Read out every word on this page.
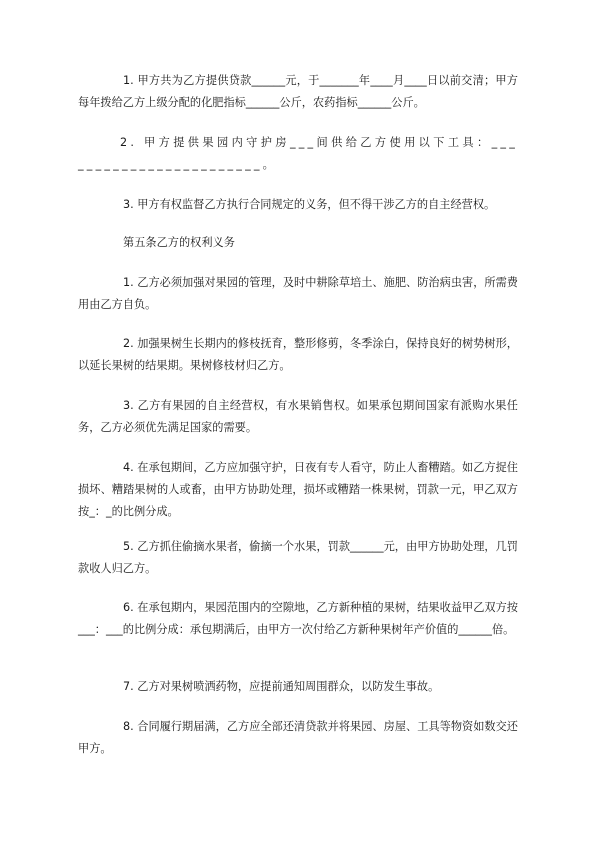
1. 甲方共为乙方提供贷款______元，于_______年____月____日以前交清；甲方每年拨给乙方上级分配的化肥指标______公斤，农药指标______公斤。

2. 甲方提供果园内守护房___间供给乙方使用以下工具：________________________。

3. 甲方有权监督乙方执行合同规定的义务，但不得干涉乙方的自主经营权。

第五条乙方的权利义务

1. 乙方必须加强对果园的管理，及时中耕除草培土、施肥、防治病虫害，所需费用由乙方自负。

2. 加强果树生长期内的修枝抚育，整形修剪，冬季涂白，保持良好的树势树形，以延长果树的结果期。果树修枝材归乙方。

3. 乙方有果园的自主经营权，有水果销售权。如果承包期间国家有派购水果任务，乙方必须优先满足国家的需要。

4. 在承包期间，乙方应加强守护，日夜有专人看守，防止人畜糟踏。如乙方捉住损坏、糟踏果树的人或畜，由甲方协助处理，损坏或糟踏一株果树，罚款一元，甲乙双方按_：_的比例分成。

5. 乙方抓住偷摘水果者，偷摘一个水果，罚款______元，由甲方协助处理，几罚款收人归乙方。

6. 在承包期内，果园范围内的空隙地，乙方新种植的果树，结果收益甲乙双方按___：___的比例分成：承包期满后，由甲方一次付给乙方新种果树年产价值的______倍。

7. 乙方对果树喷洒药物，应提前通知周围群众，以防发生事故。

8. 合同履行期届满，乙方应全部还清贷款并将果园、房屋、工具等物资如数交还甲方。
